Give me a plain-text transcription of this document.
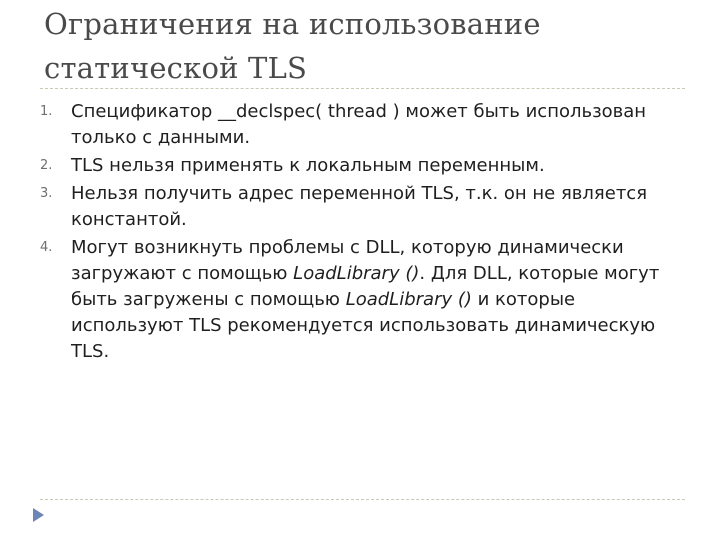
Ограничения на использование
статической TLS
1.	Спецификатор __declspec( thread ) может быть использован только с данными.
2.	TLS нельзя применять к локальным переменным.
3.	Нельзя получить адрес переменной TLS, т.к. он не является константой.
4.	Могут возникнуть проблемы с DLL, которую динамически загружают с помощью LoadLibrary (). Для DLL, которые могут быть загружены с помощью LoadLibrary () и которые используют TLS рекомендуется использовать динамическую TLS.
